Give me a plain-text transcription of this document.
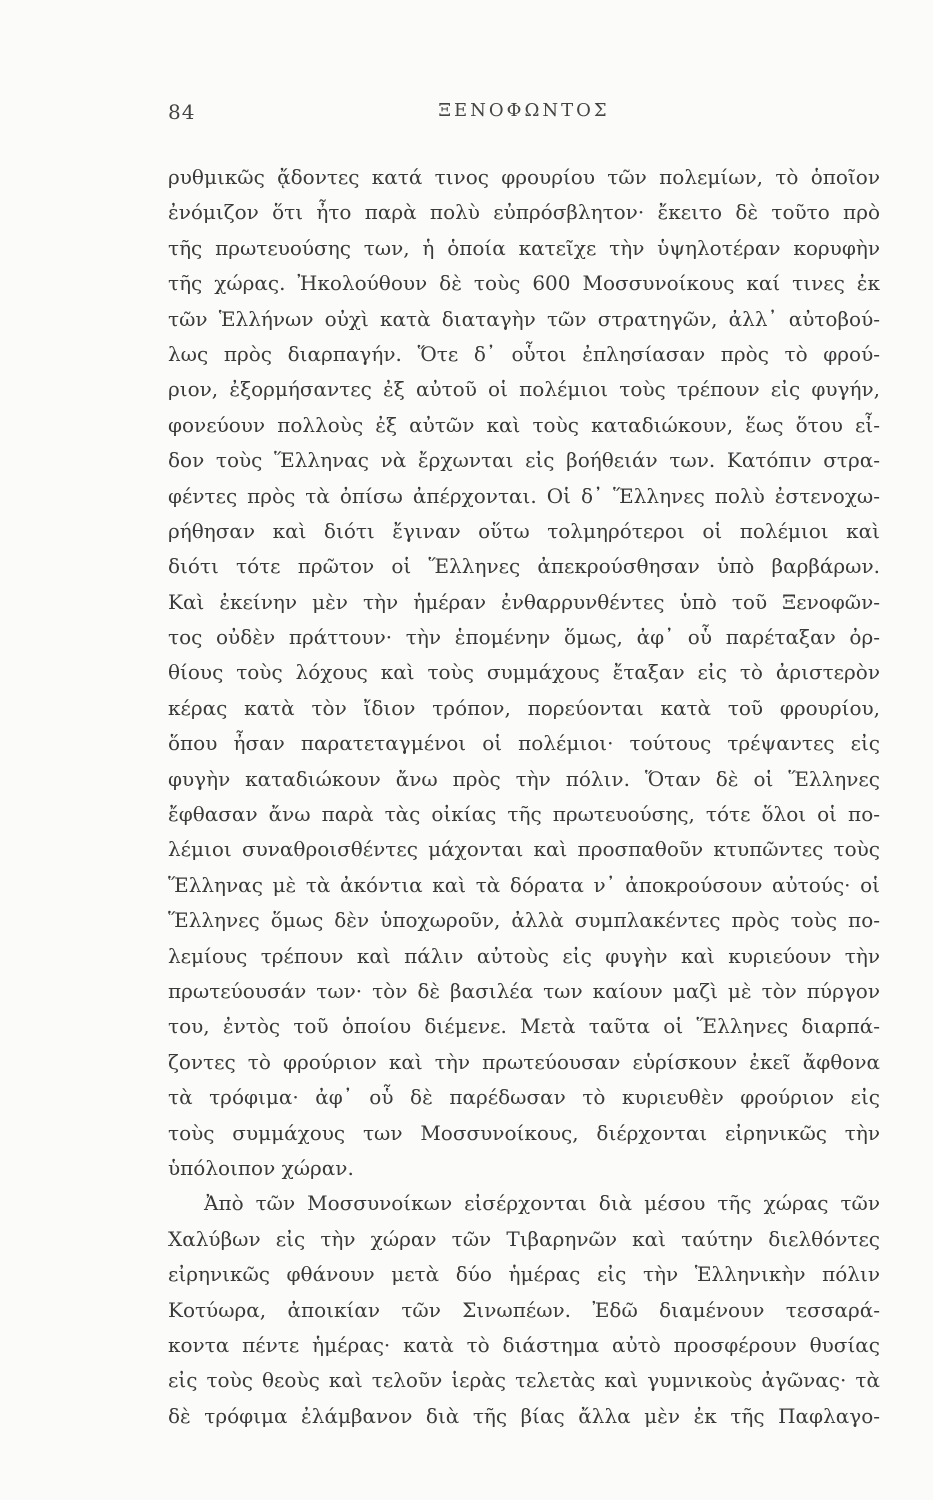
84	ΞΕΝΟΦΩΝΤΟΣ
ρυθμικῶς ᾄδοντες κατά τινος φρουρίου τῶν πολεμίων, τὸ ὁποῖον
ἐνόμιζον ὅτι ἦτο παρὰ πολὺ εὐπρόσβλητον· ἔκειτο δὲ τοῦτο πρὸ
τῆς πρωτευούσης των, ἡ ὁποία κατεῖχε τὴν ὑψηλοτέραν κορυφὴν
τῆς χώρας. Ἠκολούθουν δὲ τοὺς 600 Μοσσυνοίκους καί τινες ἐκ
τῶν Ἑλλήνων οὐχὶ κατὰ διαταγὴν τῶν στρατηγῶν, ἀλλ᾽ αὐτοβού-
λως πρὸς διαρπαγήν. Ὅτε δ᾽ οὗτοι ἐπλησίασαν πρὸς τὸ φρού-
ριον, ἐξορμήσαντες ἐξ αὐτοῦ οἱ πολέμιοι τοὺς τρέπουν εἰς φυγήν,
φονεύουν πολλοὺς ἐξ αὐτῶν καὶ τοὺς καταδιώκουν, ἕως ὅτου εἶ-
δον τοὺς Ἕλληνας νὰ ἔρχωνται εἰς βοήθειάν των. Κατόπιν στρα-
φέντες πρὸς τὰ ὀπίσω ἀπέρχονται. Οἱ δ᾽ Ἕλληνες πολὺ ἐστενοχω-
ρήθησαν καὶ διότι ἔγιναν οὕτω τολμηρότεροι οἱ πολέμιοι καὶ
διότι τότε πρῶτον οἱ Ἕλληνες ἀπεκρούσθησαν ὑπὸ βαρβάρων.
Καὶ ἐκείνην μὲν τὴν ἡμέραν ἐνθαρρυνθέντες ὑπὸ τοῦ Ξενοφῶν-
τος οὐδὲν πράττουν· τὴν ἑπομένην ὅμως, ἀφ᾽ οὗ παρέταξαν ὀρ-
θίους τοὺς λόχους καὶ τοὺς συμμάχους ἔταξαν εἰς τὸ ἀριστερὸν
κέρας κατὰ τὸν ἴδιον τρόπον, πορεύονται κατὰ τοῦ φρουρίου,
ὅπου ἦσαν παρατεταγμένοι οἱ πολέμιοι· τούτους τρέψαντες εἰς
φυγὴν καταδιώκουν ἄνω πρὸς τὴν πόλιν. Ὅταν δὲ οἱ Ἕλληνες
ἔφθασαν ἄνω παρὰ τὰς οἰκίας τῆς πρωτευούσης, τότε ὅλοι οἱ πο-
λέμιοι συναθροισθέντες μάχονται καὶ προσπαθοῦν κτυπῶντες τοὺς
Ἕλληνας μὲ τὰ ἀκόντια καὶ τὰ δόρατα ν᾽ ἀποκρούσουν αὐτούς· οἱ
Ἕλληνες ὅμως δὲν ὑποχωροῦν, ἀλλὰ συμπλακέντες πρὸς τοὺς πο-
λεμίους τρέπουν καὶ πάλιν αὐτοὺς εἰς φυγὴν καὶ κυριεύουν τὴν
πρωτεύουσάν των· τὸν δὲ βασιλέα των καίουν μαζὶ μὲ τὸν πύργον
του, ἐντὸς τοῦ ὁποίου διέμενε. Μετὰ ταῦτα οἱ Ἕλληνες διαρπά-
ζοντες τὸ φρούριον καὶ τὴν πρωτεύουσαν εὑρίσκουν ἐκεῖ ἄφθονα
τὰ τρόφιμα· ἀφ᾽ οὗ δὲ παρέδωσαν τὸ κυριευθὲν φρούριον εἰς
τοὺς συμμάχους των Μοσσυνοίκους, διέρχονται εἰρηνικῶς τὴν
ὑπόλοιπον χώραν.
Ἀπὸ τῶν Μοσσυνοίκων εἰσέρχονται διὰ μέσου τῆς χώρας τῶν
Χαλύβων εἰς τὴν χώραν τῶν Τιβαρηνῶν καὶ ταύτην διελθόντες
εἰρηνικῶς φθάνουν μετὰ δύο ἡμέρας εἰς τὴν Ἑλληνικὴν πόλιν
Κοτύωρα, ἀποικίαν τῶν Σινωπέων. Ἐδῶ διαμένουν τεσσαρά-
κοντα πέντε ἡμέρας· κατὰ τὸ διάστημα αὐτὸ προσφέρουν θυσίας
εἰς τοὺς θεοὺς καὶ τελοῦν ἱερὰς τελετὰς καὶ γυμνικοὺς ἀγῶνας· τὰ
δὲ τρόφιμα ἐλάμβανον διὰ τῆς βίας ἄλλα μὲν ἐκ τῆς Παφλαγο-
